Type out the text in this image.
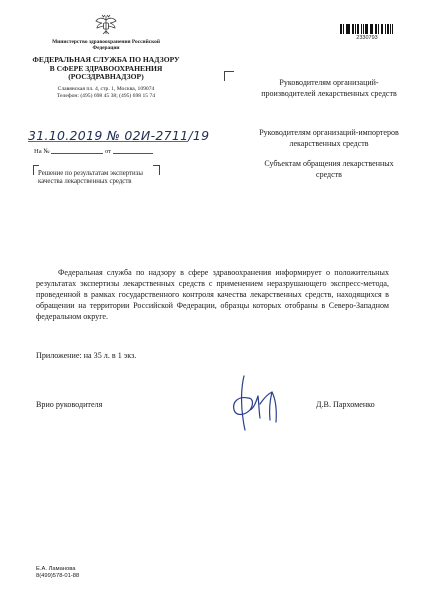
Министерство здравоохранения Российской Федерации
ФЕДЕРАЛЬНАЯ СЛУЖБА ПО НАДЗОРУ В СФЕРЕ ЗДРАВООХРАНЕНИЯ (РОСЗДРАВНАДЗОР)
Славянская пл. 4, стр. 1, Москва, 109074
Телефон: (495) 698 45 38; (495) 698 15 74
31.10.2019 № 02И-2711/19
На №	от
Решение по результатам экспертизы качества лекарственных средств
2330793
Руководителям организаций-производителей лекарственных средств
Руководителям организаций-импортеров лекарственных средств
Субъектам обращения лекарственных средств
Федеральная служба по надзору в сфере здравоохранения информирует о положительных результатах экспертизы лекарственных средств с применением неразрушающего экспресс-метода, проведенной в рамках государственного контроля качества лекарственных средств, находящихся в обращении на территории Российской Федерации, образцы которых отобраны в Северо-Западном федеральном округе.
Приложение: на 35 л. в 1 экз.
Врио руководителя	Д.В. Пархоменко
Е.А. Ламанова
8(499)578-01-88
